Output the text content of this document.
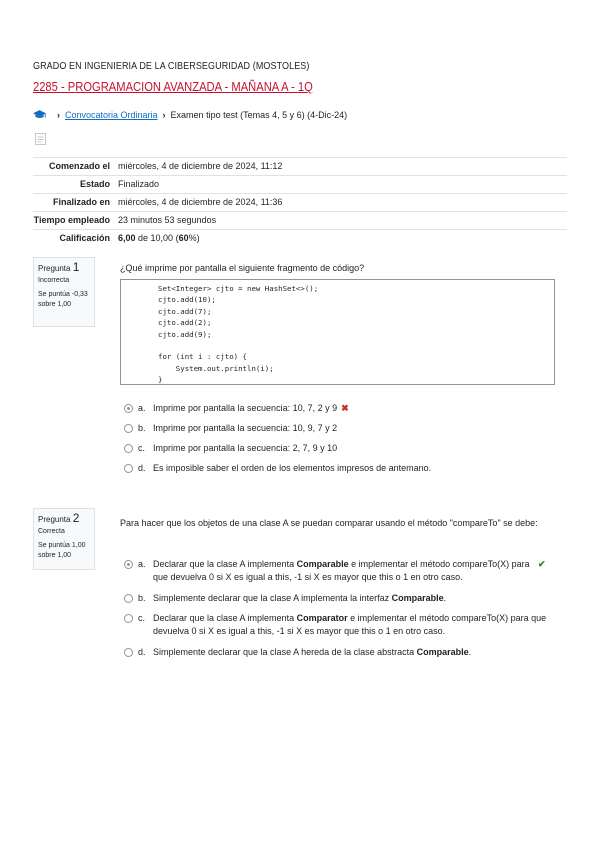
GRADO EN INGENIERIA DE LA CIBERSEGURIDAD (MOSTOLES)
2285 - PROGRAMACION AVANZADA - MAÑANA A - 1Q
› Convocatoria Ordinaria › Examen tipo test (Temas 4, 5 y 6) (4-Dic-24)
Comenzado el miércoles, 4 de diciembre de 2024, 11:12
Estado Finalizado
Finalizado en miércoles, 4 de diciembre de 2024, 11:36
Tiempo empleado 23 minutos 53 segundos
Calificación 6,00 de 10,00 (60%)
Pregunta 1
Incorrecta
Se puntúa -0,33 sobre 1,00
¿Qué imprime por pantalla el siguiente fragmento de código?
Set<Integer> cjto = new HashSet<>();
cjto.add(10);
cjto.add(7);
cjto.add(2);
cjto.add(9);

for (int i : cjto) {
System.out.println(i);
}
a. Imprime por pantalla la secuencia: 10, 7, 2 y 9 ✖
b. Imprime por pantalla la secuencia: 10, 9, 7 y 2
c. Imprime por pantalla la secuencia: 2, 7, 9 y 10
d. Es imposible saber el orden de los elementos impresos de antemano.
Pregunta 2
Correcta
Se puntúa 1,00 sobre 1,00
Para hacer que los objetos de una clase A se puedan comparar usando el método "compareTo" se debe:
a. Declarar que la clase A implementa Comparable e implementar el método compareTo(X) para que devuelva 0 si X es igual a this, -1 si X es mayor que this o 1 en otro caso.
✔
b. Simplemente declarar que la clase A implementa la interfaz Comparable.
c. Declarar que la clase A implementa Comparator e implementar el método compareTo(X) para que devuelva 0 si X es igual a this, -1 si X es mayor que this o 1 en otro caso.
d. Simplemente declarar que la clase A hereda de la clase abstracta Comparable.
